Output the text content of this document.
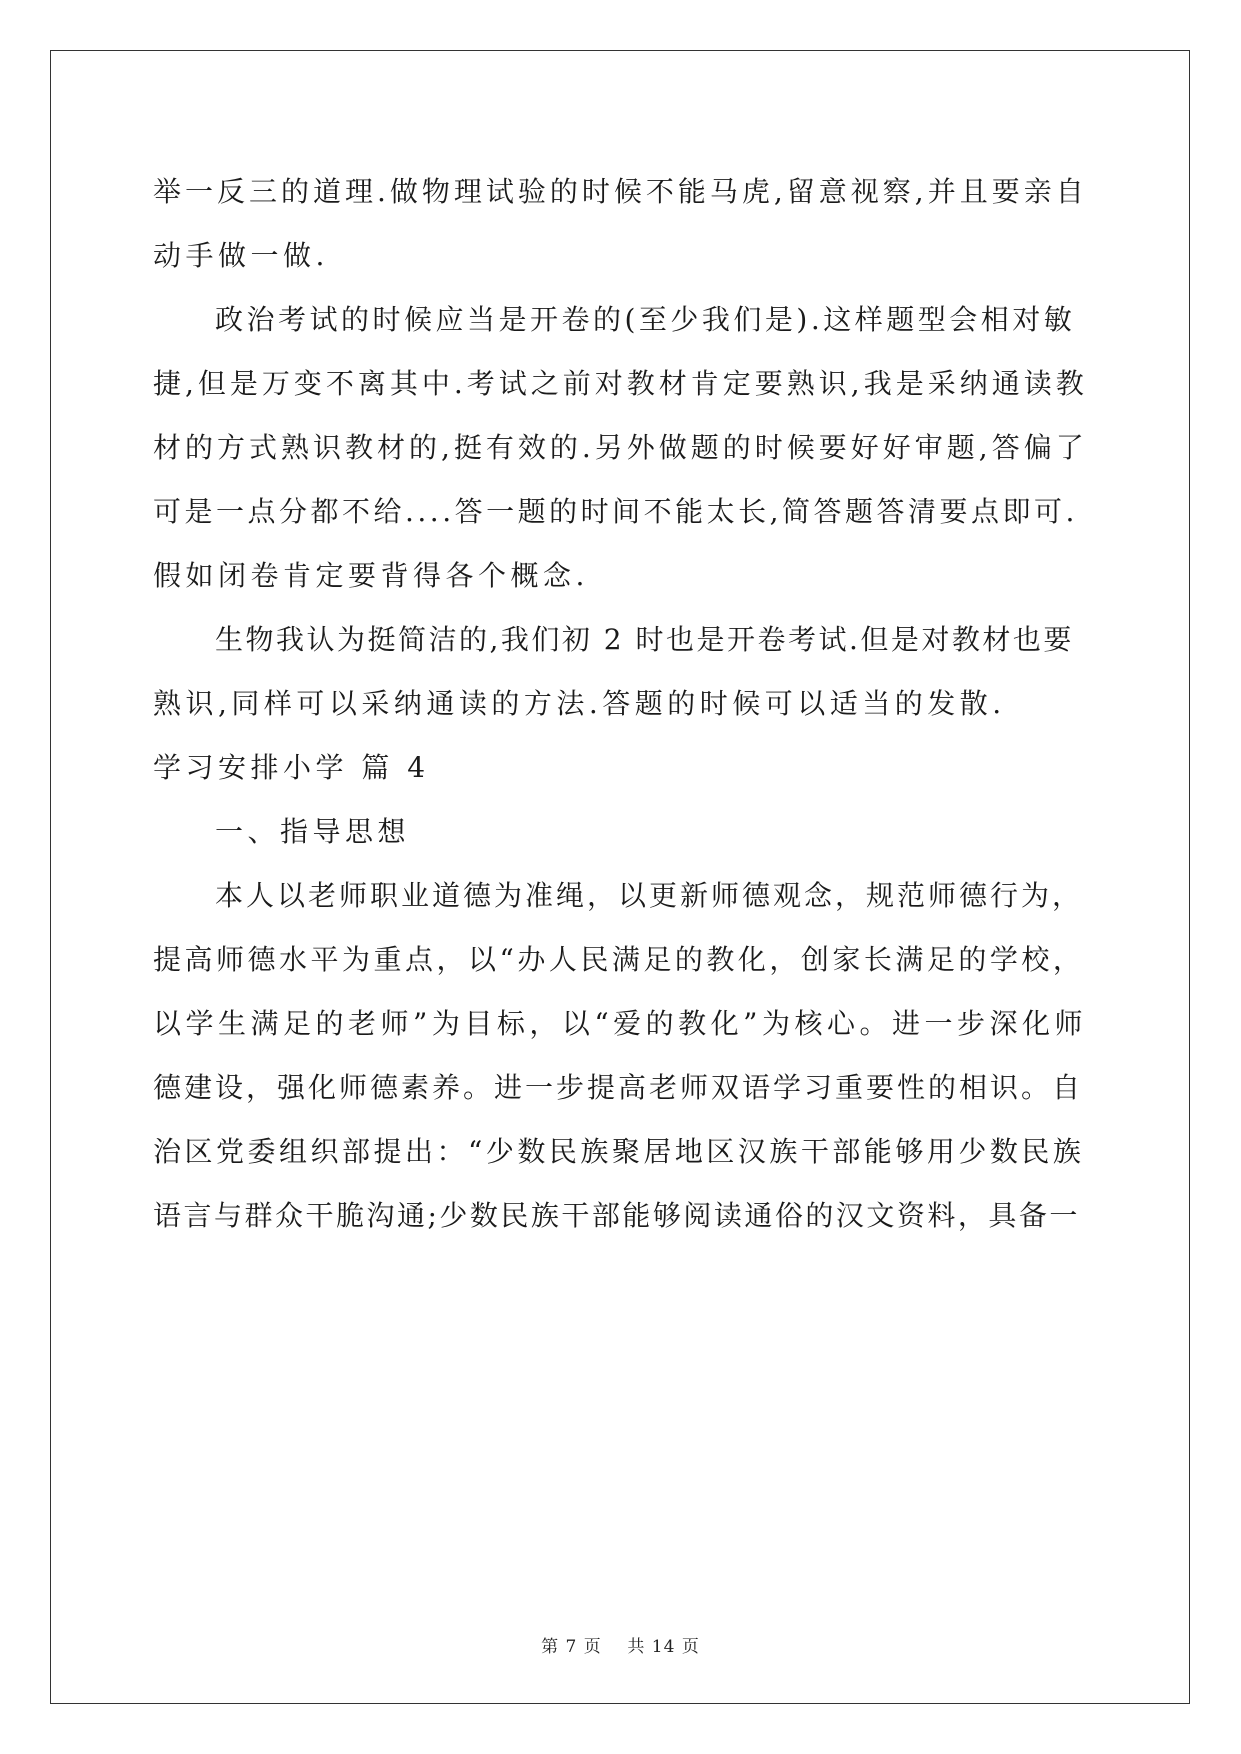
举一反三的道理.做物理试验的时候不能马虎,留意视察,并且要亲自
动手做一做.
政治考试的时候应当是开卷的(至少我们是).这样题型会相对敏
捷,但是万变不离其中.考试之前对教材肯定要熟识,我是采纳通读教
材的方式熟识教材的,挺有效的.另外做题的时候要好好审题,答偏了
可是一点分都不给....答一题的时间不能太长,简答题答清要点即可.
假如闭卷肯定要背得各个概念.
生物我认为挺简洁的,我们初 2 时也是开卷考试.但是对教材也要
熟识,同样可以采纳通读的方法.答题的时候可以适当的发散.
学习安排小学 篇 4
一、指导思想
本人以老师职业道德为准绳，以更新师德观念，规范师德行为，
提高师德水平为重点，以“办人民满足的教化，创家长满足的学校，
以学生满足的老师”为目标，以“爱的教化”为核心。进一步深化师
德建设，强化师德素养。进一步提高老师双语学习重要性的相识。自
治区党委组织部提出：“少数民族聚居地区汉族干部能够用少数民族
语言与群众干脆沟通;少数民族干部能够阅读通俗的汉文资料，具备一
第 7 页    共 14 页
